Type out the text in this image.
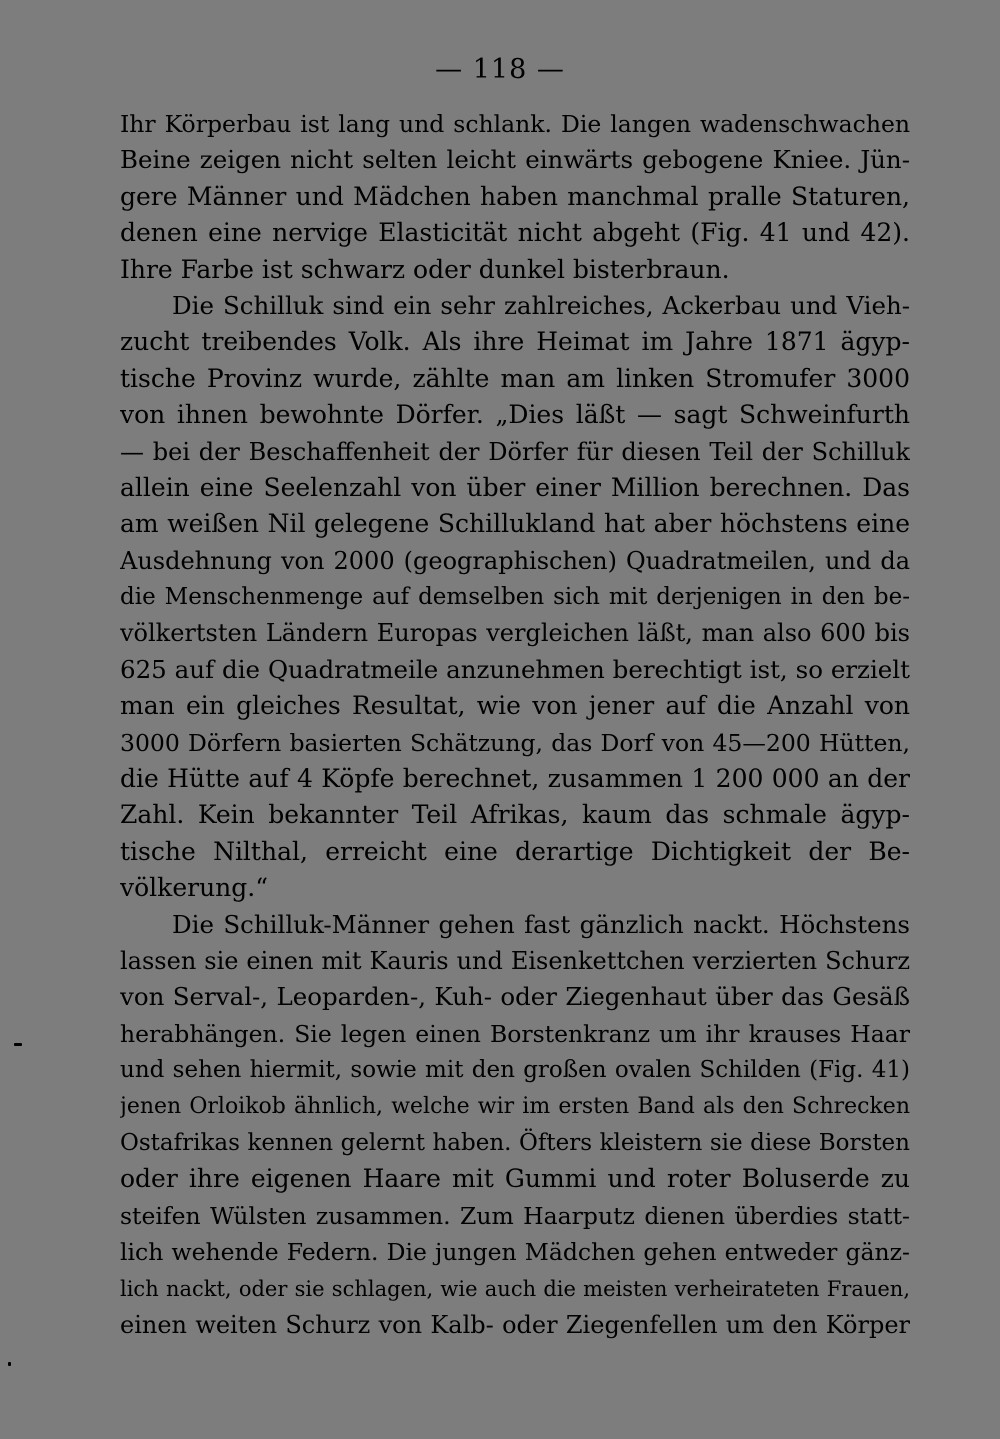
— 118 —
Ihr Körperbau ist lang und schlank. Die langen wadenschwachen
Beine zeigen nicht selten leicht einwärts gebogene Kniee. Jün-
gere Männer und Mädchen haben manchmal pralle Staturen,
denen eine nervige Elasticität nicht abgeht (Fig. 41 und 42).
Ihre Farbe ist schwarz oder dunkel bisterbraun.
Die Schilluk sind ein sehr zahlreiches, Ackerbau und Vieh-
zucht treibendes Volk. Als ihre Heimat im Jahre 1871 ägyp-
tische Provinz wurde, zählte man am linken Stromufer 3000
von ihnen bewohnte Dörfer. „Dies läßt — sagt Schweinfurth
— bei der Beschaffenheit der Dörfer für diesen Teil der Schilluk
allein eine Seelenzahl von über einer Million berechnen. Das
am weißen Nil gelegene Schillukland hat aber höchstens eine
Ausdehnung von 2000 (geographischen) Quadratmeilen, und da
die Menschenmenge auf demselben sich mit derjenigen in den be-
völkertsten Ländern Europas vergleichen läßt, man also 600 bis
625 auf die Quadratmeile anzunehmen berechtigt ist, so erzielt
man ein gleiches Resultat, wie von jener auf die Anzahl von
3000 Dörfern basierten Schätzung, das Dorf von 45—200 Hütten,
die Hütte auf 4 Köpfe berechnet, zusammen 1 200 000 an der
Zahl. Kein bekannter Teil Afrikas, kaum das schmale ägyp-
tische Nilthal, erreicht eine derartige Dichtigkeit der Be-
völkerung.“
Die Schilluk-Männer gehen fast gänzlich nackt. Höchstens
lassen sie einen mit Kauris und Eisenkettchen verzierten Schurz
von Serval-, Leoparden-, Kuh- oder Ziegenhaut über das Gesäß
herabhängen. Sie legen einen Borstenkranz um ihr krauses Haar
und sehen hiermit, sowie mit den großen ovalen Schilden (Fig. 41)
jenen Orloikob ähnlich, welche wir im ersten Band als den Schrecken
Ostafrikas kennen gelernt haben. Öfters kleistern sie diese Borsten
oder ihre eigenen Haare mit Gummi und roter Boluserde zu
steifen Wülsten zusammen. Zum Haarputz dienen überdies statt-
lich wehende Federn. Die jungen Mädchen gehen entweder gänz-
lich nackt, oder sie schlagen, wie auch die meisten verheirateten Frauen,
einen weiten Schurz von Kalb- oder Ziegenfellen um den Körper
